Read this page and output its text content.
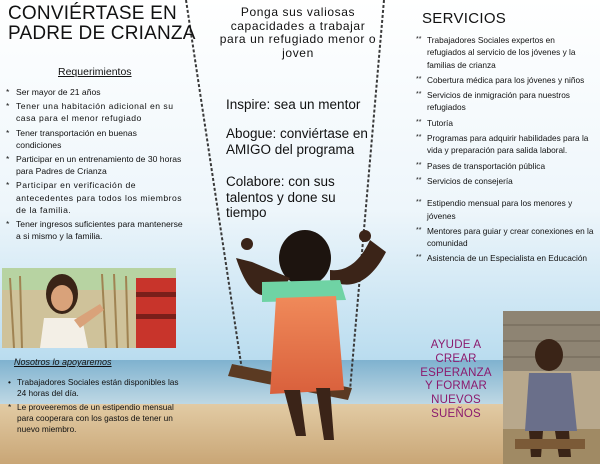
CONVIÉRTASE EN PADRE DE CRIANZA
Requerimientos
* Ser mayor de 21 años
* Tener una habitación adicional en su casa para el menor refugiado
* Tener transportación en buenas condiciones
* Participar en un entrenamiento de 30 horas para Padres de Crianza
* Participar en verificación de antecedentes para todos los miembros de la familia.
* Tener ingresos suficientes para mantenerse a si mismo y la familia.
Nosotros lo apoyaremos
• Trabajadores Sociales están disponibles las 24 horas del día.
* Le proveeremos de un estipendio mensual para cooperara con los gastos de tener un nuevo miembro.
Ponga sus valiosas capacidades a trabajar para un refugiado menor o joven
Inspire: sea un mentor
Abogue: conviértase en AMIGO del programa
Colabore: con sus talentos y done su tiempo
SERVICIOS
** Trabajadores Sociales expertos en refugiados al servicio de los jóvenes y la familias de crianza
** Cobertura médica para los jóvenes y niños
** Servicios de inmigración para nuestros refugiados
** Tutoría
** Programas para adquirir habilidades para la vida y preparación para salida laboral.
** Pases de transportación pública
** Servicios de consejería
** Estipendio mensual para los menores y jóvenes
** Mentores para guiar y crear conexiones en la comunidad
** Asistencia de un Especialista en Educación
AYUDE A CREAR ESPERANZA Y FORMAR NUEVOS SUEÑOS
